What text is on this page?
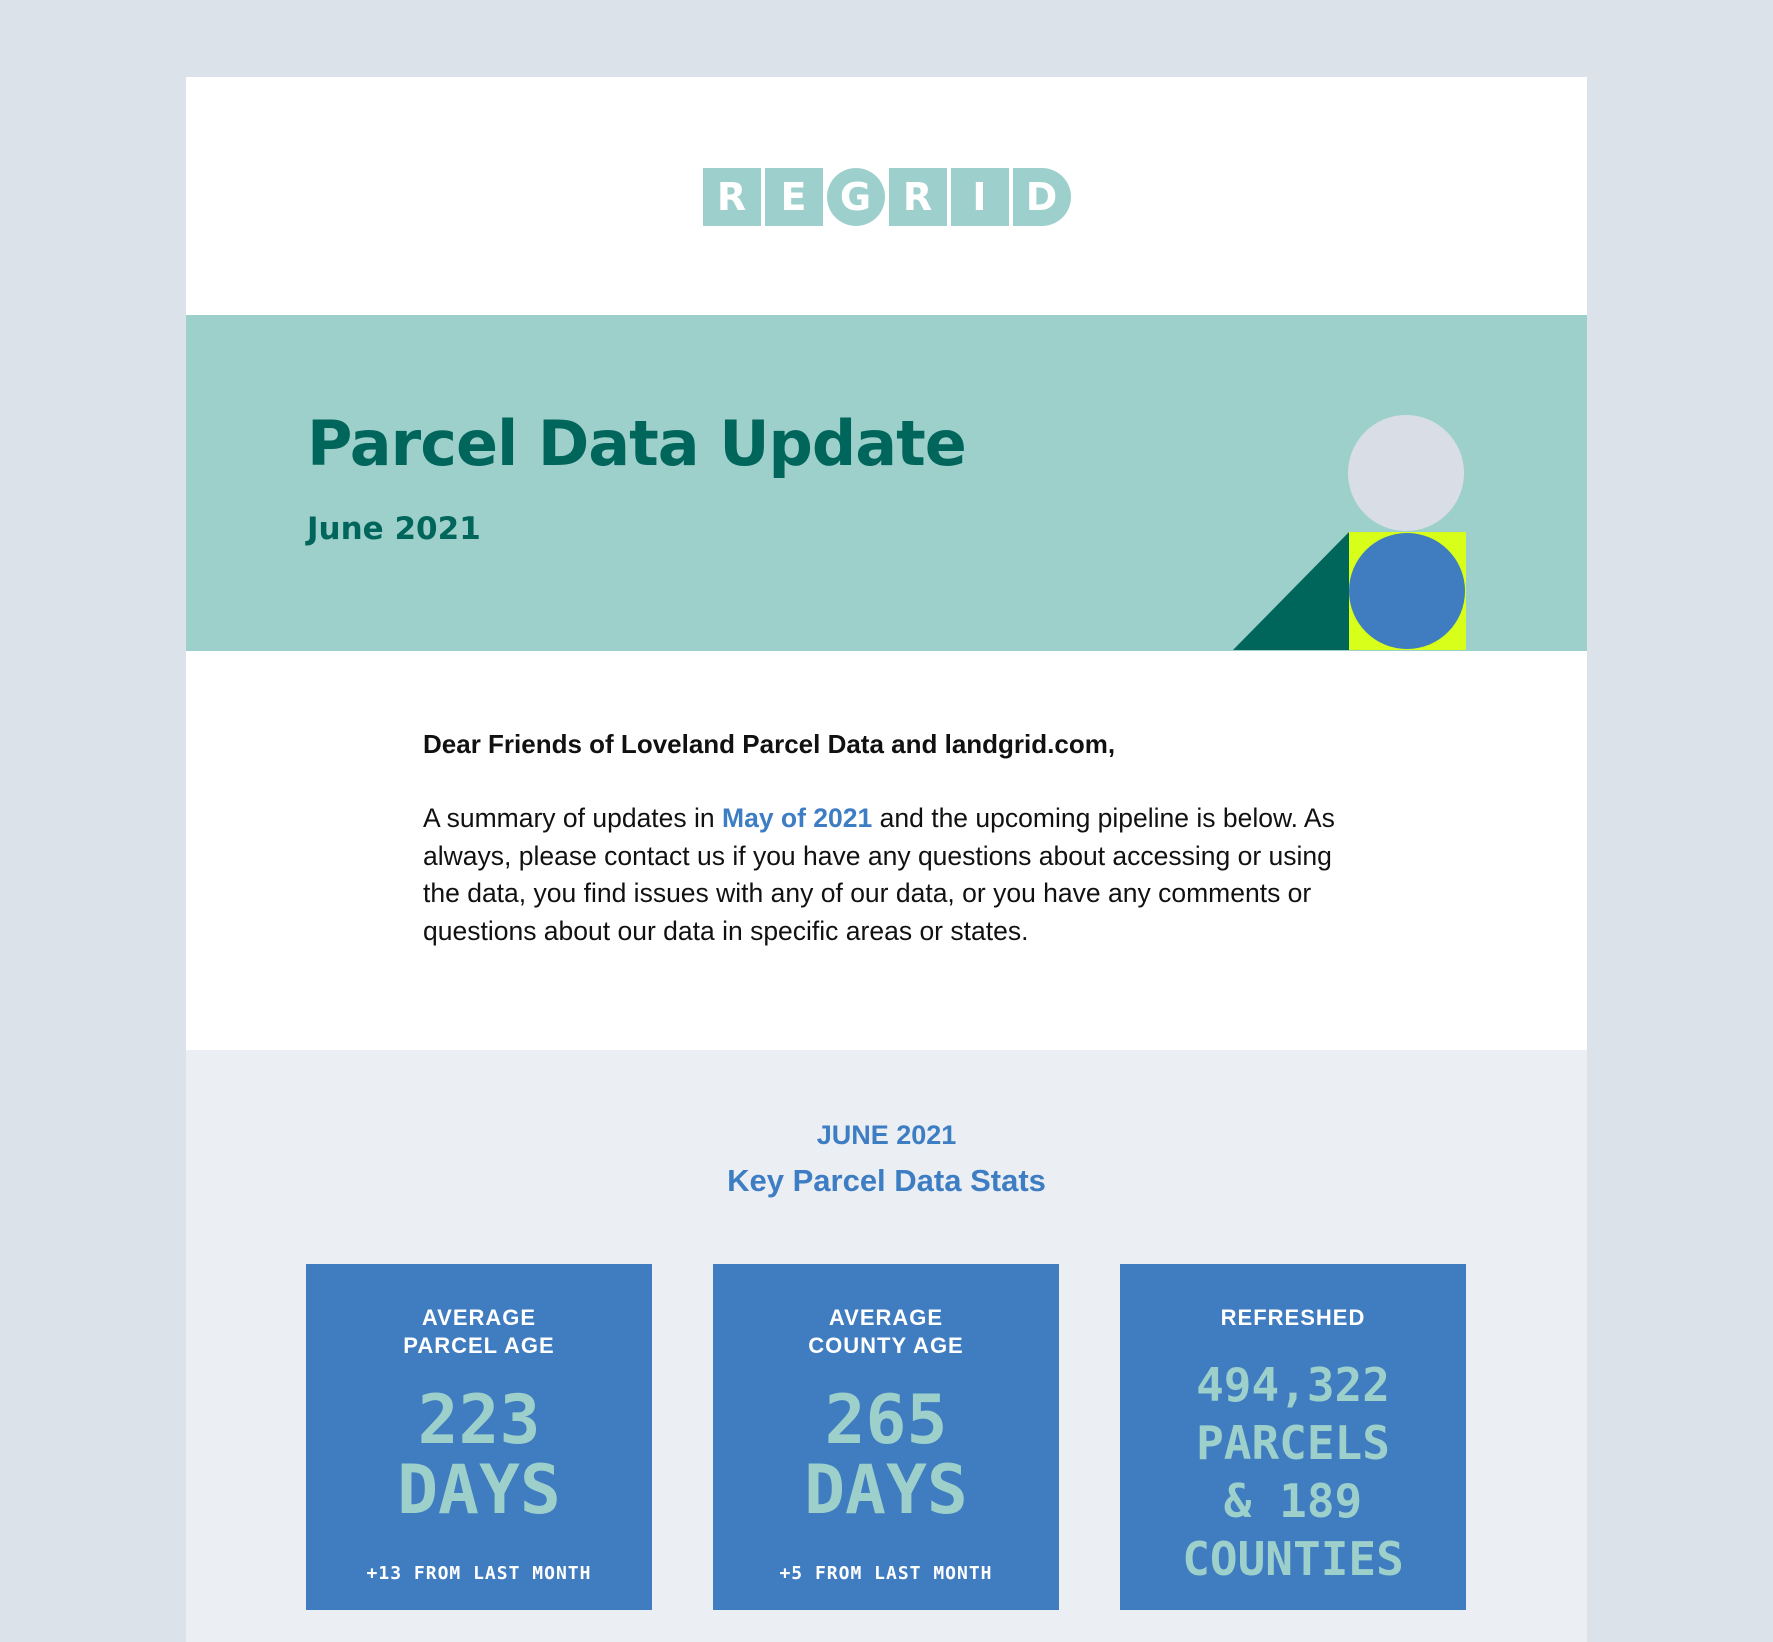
R E G R	I	D
Parcel Data Update
June 2021

Dear Friends of Loveland Parcel Data and landgrid.com,

A summary of updates in May of 2021 and the upcoming pipeline is below. As always, please contact us if you have any questions about accessing or using the data, you find issues with any of our data, or you have any comments or questions about our data in specific areas or states.

JUNE 2021

Key Parcel Data Stats

AVERAGE
PARCEL AGE

223
DAYS

+13 FROM LAST MONTH

AVERAGE
COUNTY AGE

265
DAYS

+5 FROM LAST MONTH

REFRESHED

494,322
PARCELS
& 189
COUNTIES
